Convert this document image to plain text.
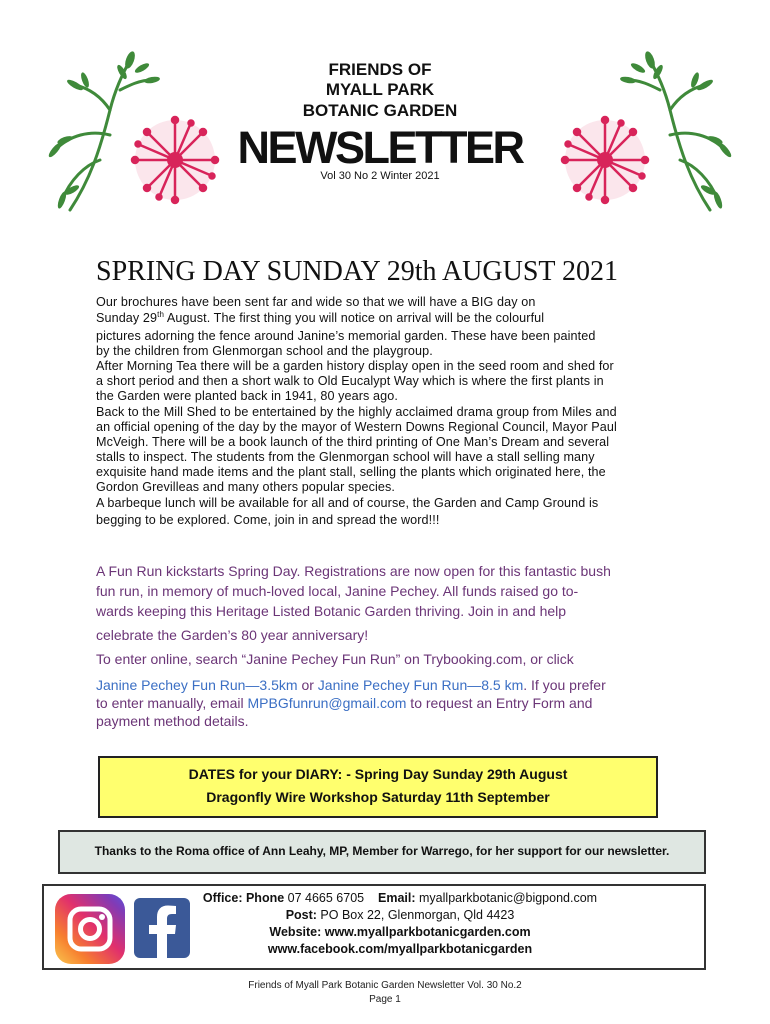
FRIENDS OF
MYALL PARK
BOTANIC GARDEN
NEWSLETTER
Vol 30 No 2 Winter 2021
SPRING DAY SUNDAY 29th AUGUST 2021
Our brochures have been sent far and wide so that we will have a BIG day on
Sunday 29th August. The first thing you will notice on arrival will be the colourful
pictures adorning the fence around Janine’s memorial garden. These have been painted
by the children from Glenmorgan school and the playgroup.
After Morning Tea there will be a garden history display open in the seed room and shed for
a short period and then a short walk to Old Eucalypt Way which is where the first plants in
the Garden were planted back in 1941, 80 years ago.
Back to the Mill Shed to be entertained by the highly acclaimed drama group from Miles and
an official opening of the day by the mayor of Western Downs Regional Council, Mayor Paul
McVeigh. There will be a book launch of the third printing of One Man’s Dream and several
stalls to inspect. The students from the Glenmorgan school will have a stall selling many
exquisite hand made items and the plant stall, selling the plants which originated here, the
Gordon Grevilleas and many others popular species.
A barbeque lunch will be available for all and of course, the Garden and Camp Ground is
begging to be explored. Come, join in and spread the word!!!
A Fun Run kickstarts Spring Day. Registrations are now open for this fantastic bush
fun run, in memory of much-loved local, Janine Pechey. All funds raised go to-
wards keeping this Heritage Listed Botanic Garden thriving. Join in and help
celebrate the Garden’s 80 year anniversary!
To enter online, search “Janine Pechey Fun Run” on Trybooking.com, or click
Janine Pechey Fun Run—3.5km or Janine Pechey Fun Run—8.5 km. If you prefer
to enter manually, email MPBGfunrun@gmail.com to request an Entry Form and
payment method details.
DATES for your DIARY: - Spring Day Sunday 29th August
Dragonfly Wire Workshop Saturday 11th September
Thanks to the Roma office of Ann Leahy, MP, Member for Warrego, for her support for our newsletter.
Office: Phone 07 4665 6705 Email: myallparkbotanic@bigpond.com
Post: PO Box 22, Glenmorgan, Qld 4423
Website: www.myallparkbotanicgarden.com
www.facebook.com/myallparkbotanicgarden
Friends of Myall Park Botanic Garden Newsletter Vol. 30 No.2
Page 1
